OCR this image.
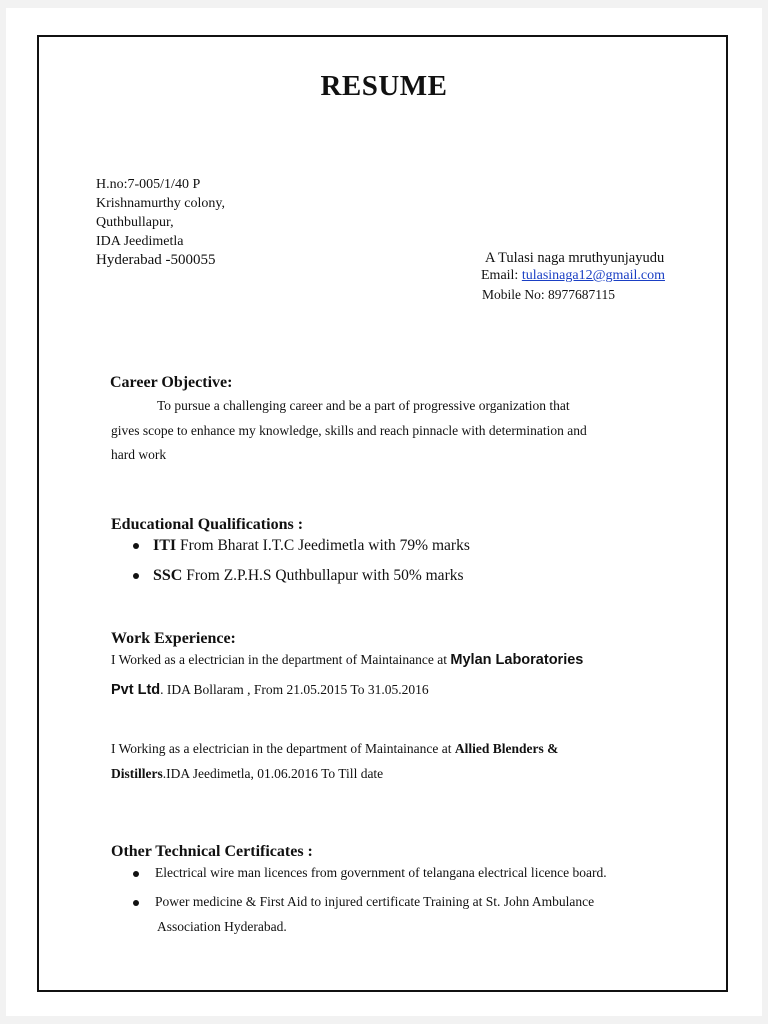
RESUME
H.no:7-005/1/40 P
Krishnamurthy colony,
Quthbullapur,
IDA Jeedimetla
Hyderabad -500055	A Tulasi naga mruthyunjayudu
Email: tulasinaga12@gmail.com
Mobile No: 8977687115
Career Objective:
To pursue a challenging career and be a part of progressive organization that
gives scope to enhance my knowledge, skills and reach pinnacle with determination and
hard work
Educational Qualifications :
ITI From Bharat I.T.C Jeedimetla with 79% marks
SSC From Z.P.H.S Quthbullapur with 50% marks
Work Experience:
I Worked as a electrician in the department of Maintainance at Mylan Laboratories
Pvt Ltd. IDA Bollaram , From 21.05.2015 To 31.05.2016
I Working as a electrician in the department of Maintainance at Allied Blenders &
Distillers.IDA Jeedimetla, 01.06.2016 To Till date
Other Technical Certificates :
Electrical wire man licences from government of telangana electrical licence board.
Power medicine & First Aid to injured certificate Training at St. John Ambulance
Association Hyderabad.
